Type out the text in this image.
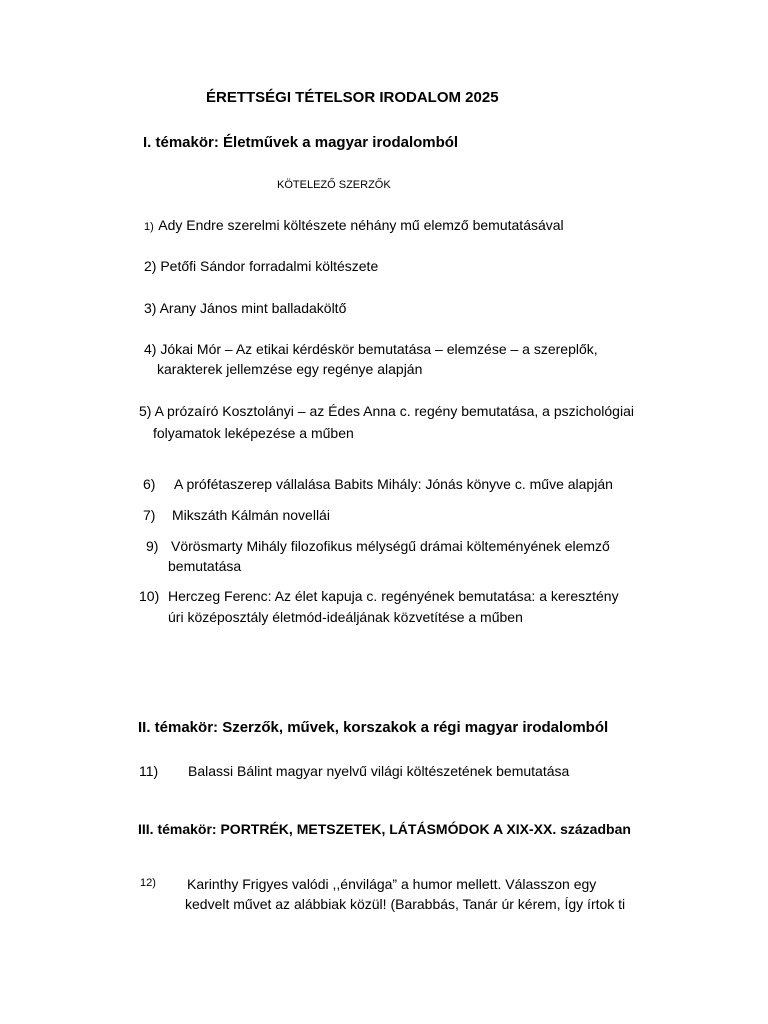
ÉRETTSÉGI TÉTELSOR IRODALOM 2025
I. témakör: Életművek a magyar irodalomból
KÖTELEZŐ SZERZŐK
1) Ady Endre szerelmi költészete néhány mű elemző bemutatásával
2) Petőfi Sándor forradalmi költészete
3) Arany János mint balladaköltő
4) Jókai Mór – Az etikai kérdéskör bemutatása – elemzése – a szereplők,
karakterek jellemzése egy regénye alapján
5) A prózaíró Kosztolányi – az Édes Anna c. regény bemutatása, a pszichológiai
folyamatok leképezése a műben
6) A prófétaszerep vállalása Babits Mihály: Jónás könyve c. műve alapján
7) Mikszáth Kálmán novellái
9) Vörösmarty Mihály filozofikus mélységű drámai költeményének elemző
bemutatása
10) Herczeg Ferenc: Az élet kapuja c. regényének bemutatása: a keresztény
úri középosztály életmód-ideáljának közvetítése a műben
II. témakör: Szerzők, művek, korszakok a régi magyar irodalomból
11) Balassi Bálint magyar nyelvű világi költészetének bemutatása
III. témakör: PORTRÉK, METSZETEK, LÁTÁSMÓDOK A XIX-XX. században
12) Karinthy Frigyes valódi ,,énvilága” a humor mellett. Válasszon egy
kedvelt művet az alábbiak közül! (Barabbás, Tanár úr kérem, Így írtok ti
